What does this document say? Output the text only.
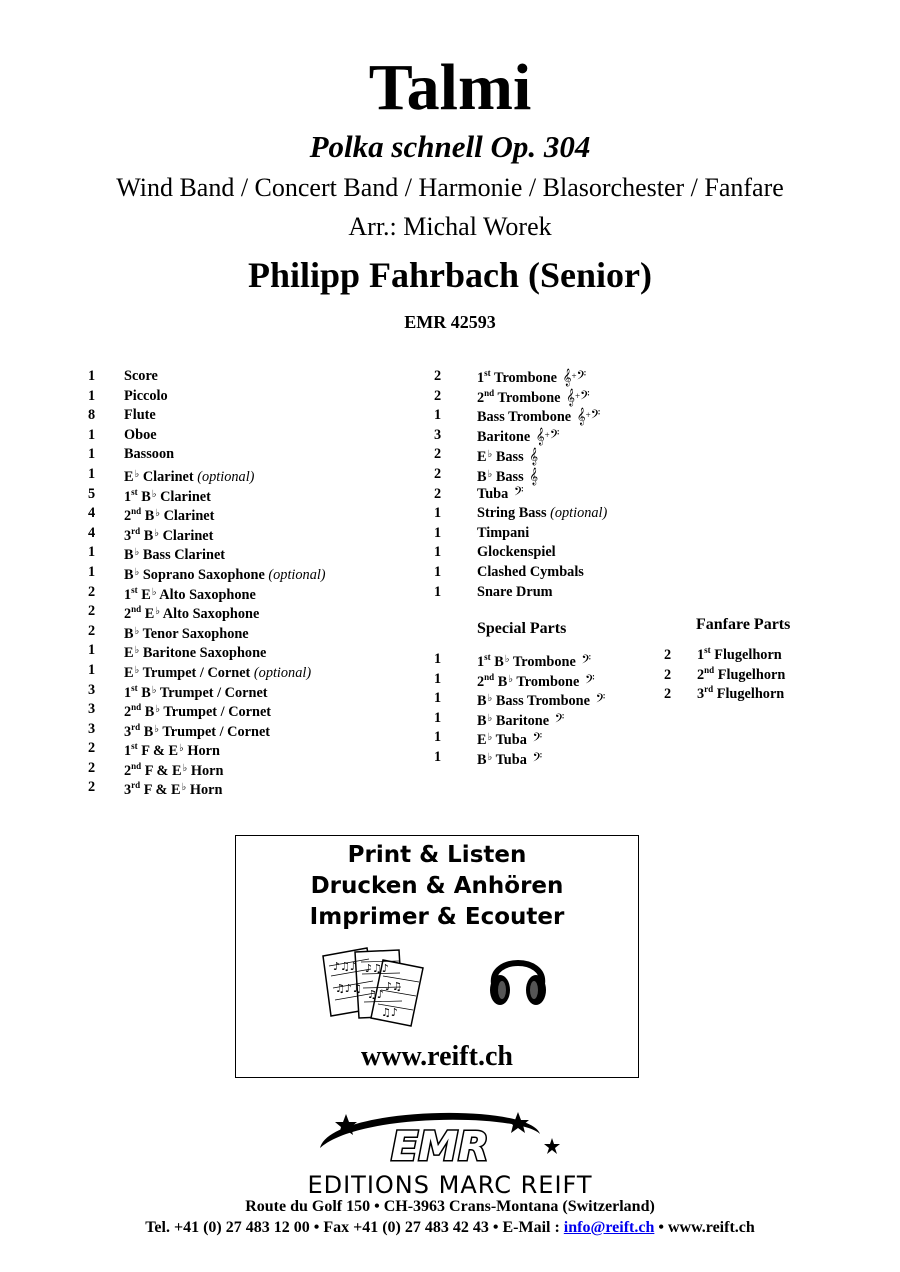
Talmi
Polka schnell Op. 304
Wind Band / Concert Band / Harmonie / Blasorchester / Fanfare
Arr.: Michal Worek
Philipp Fahrbach (Senior)
EMR 42593
1 Score
1 Piccolo
8 Flute
1 Oboe
1 Bassoon
1 E♭ Clarinet (optional)
5 1st B♭ Clarinet
4 2nd B♭ Clarinet
4 3rd B♭ Clarinet
1 B♭ Bass Clarinet
1 B♭ Soprano Saxophone (optional)
2 1st E♭ Alto Saxophone
2 2nd E♭ Alto Saxophone
2 B♭ Tenor Saxophone
1 E♭ Baritone Saxophone
1 E♭ Trumpet / Cornet (optional)
3 1st B♭ Trumpet / Cornet
3 2nd B♭ Trumpet / Cornet
3 3rd B♭ Trumpet / Cornet
2 1st F & E♭ Horn
2 2nd F & E♭ Horn
2 3rd F & E♭ Horn
2	1st Trombone 𝄞+𝄢
2	2nd Trombone 𝄞+𝄢
1	Bass Trombone 𝄞+𝄢
3	Baritone 𝄞+𝄢
2	E♭ Bass 𝄞
2	B♭ Bass 𝄞
2	Tuba 𝄢
1	String Bass (optional)
1	Timpani
1	Glockenspiel
1	Clashed Cymbals
1	Snare Drum
Special Parts
1	1st B♭ Trombone 𝄢
1	2nd B♭ Trombone 𝄢
1	B♭ Bass Trombone 𝄢
1	B♭ Baritone 𝄢
1	E♭ Tuba 𝄢
1	B♭ Tuba 𝄢
Fanfare Parts
2 1st Flugelhorn
2 2nd Flugelhorn
2 3rd Flugelhorn
Print & Listen
Drucken & Anhören
Imprimer & Ecouter
♪♫♪
♫♪♫
♪♫♪
♫♪
♪♫
♫♪
www.reift.ch
EMR
EDITIONS MARC REIFT
Route du Golf 150 • CH-3963 Crans-Montana (Switzerland)
Tel. +41 (0) 27 483 12 00 • Fax +41 (0) 27 483 42 43 • E-Mail : info@reift.ch • www.reift.ch
